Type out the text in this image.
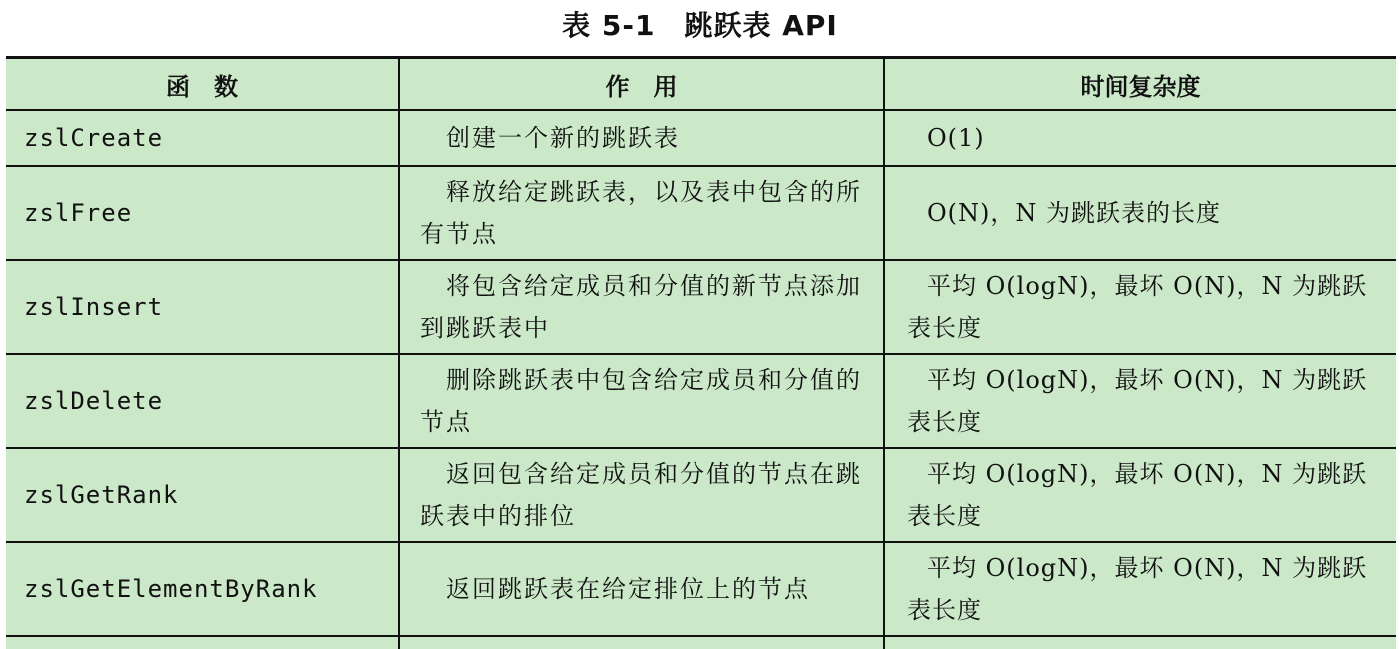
表 5-1　跳跃表 API
函　数	作　用	时间复杂度
zslCreate	创建一个新的跳跃表	O(1)
zslFree	释放给定跳跃表，以及表中包含的所有节点	O(N)，N 为跳跃表的长度
zslInsert	将包含给定成员和分值的新节点添加到跳跃表中	平均 O(logN)，最坏 O(N)，N 为跳跃表长度
zslDelete	删除跳跃表中包含给定成员和分值的节点	平均 O(logN)，最坏 O(N)，N 为跳跃表长度
zslGetRank	返回包含给定成员和分值的节点在跳跃表中的排位	平均 O(logN)，最坏 O(N)，N 为跳跃表长度
zslGetElementByRank	返回跳跃表在给定排位上的节点	平均 O(logN)，最坏 O(N)，N 为跳跃表长度
